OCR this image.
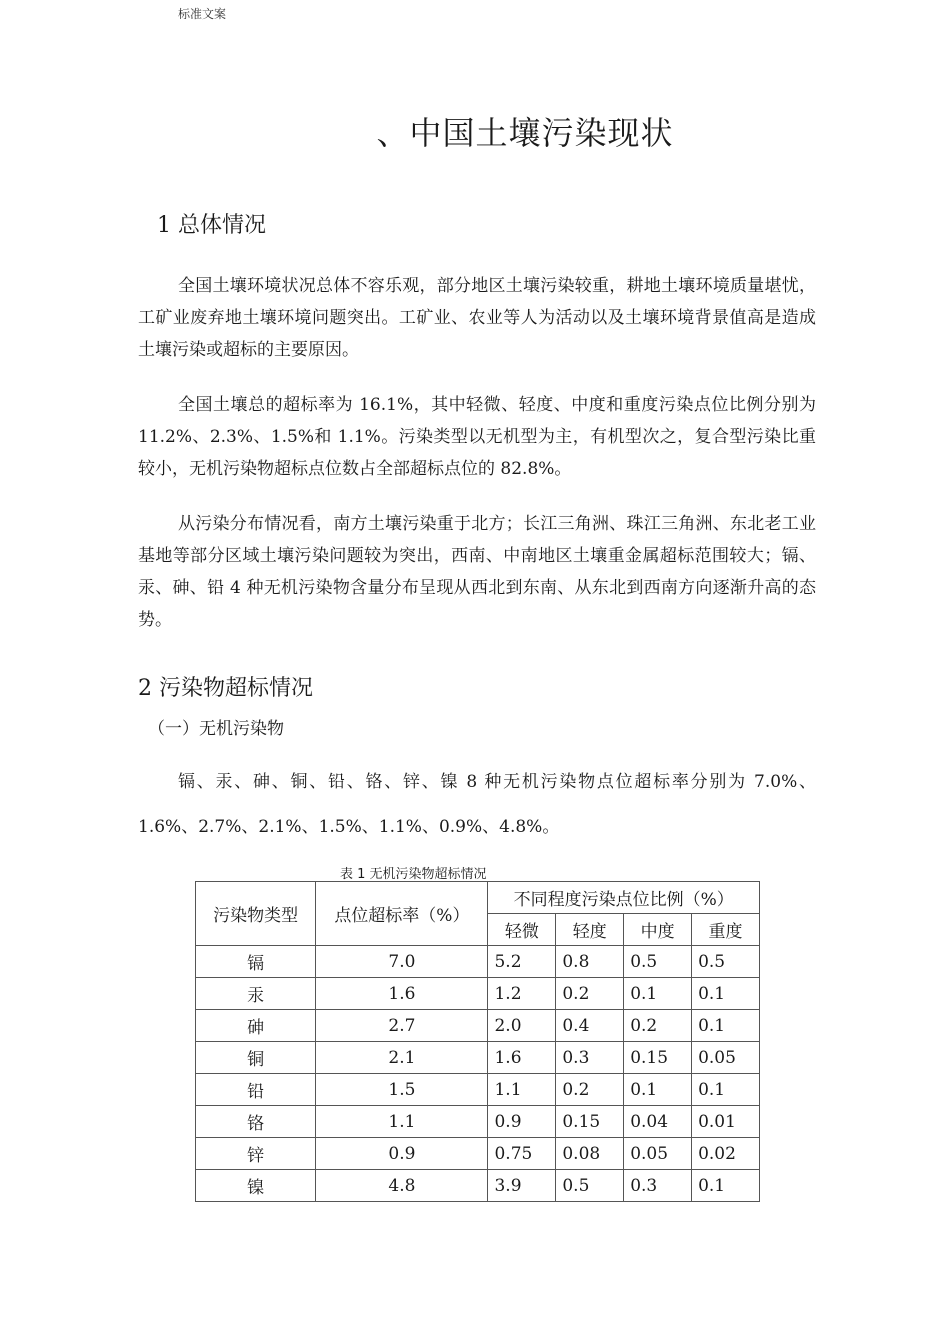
标准文案
、中国土壤污染现状
1 总体情况

全国土壤环境状况总体不容乐观，部分地区土壤污染较重，耕地土壤环境质量堪忧，工矿业废弃地土壤环境问题突出。工矿业、农业等人为活动以及土壤环境背景值高是造成土壤污染或超标的主要原因。

全国土壤总的超标率为 16.1%，其中轻微、轻度、中度和重度污染点位比例分别为 11.2%、2.3%、1.5%和 1.1%。污染类型以无机型为主，有机型次之，复合型污染比重较小，无机污染物超标点位数占全部超标点位的 82.8%。

从污染分布情况看，南方土壤污染重于北方；长江三角洲、珠江三角洲、东北老工业基地等部分区域土壤污染问题较为突出，西南、中南地区土壤重金属超标范围较大；镉、汞、砷、铅 4 种无机污染物含量分布呈现从西北到东南、从东北到西南方向逐渐升高的态势。

2 污染物超标情况
（一）无机污染物

镉、汞、砷、铜、铅、铬、锌、镍 8 种无机污染物点位超标率分别为 7.0%、1.6%、2.7%、2.1%、1.5%、1.1%、0.9%、4.8%。

表 1 无机污染物超标情况
污染物类型	点位超标率（%）	不同程度污染点位比例（%）			
		轻微	轻度	中度	重度
镉	7.0	5.2	0.8	0.5	0.5
汞	1.6	1.2	0.2	0.1	0.1
砷	2.7	2.0	0.4	0.2	0.1
铜	2.1	1.6	0.3	0.15	0.05
铅	1.5	1.1	0.2	0.1	0.1
铬	1.1	0.9	0.15	0.04	0.01
锌	0.9	0.75	0.08	0.05	0.02
镍	4.8	3.9	0.5	0.3	0.1
